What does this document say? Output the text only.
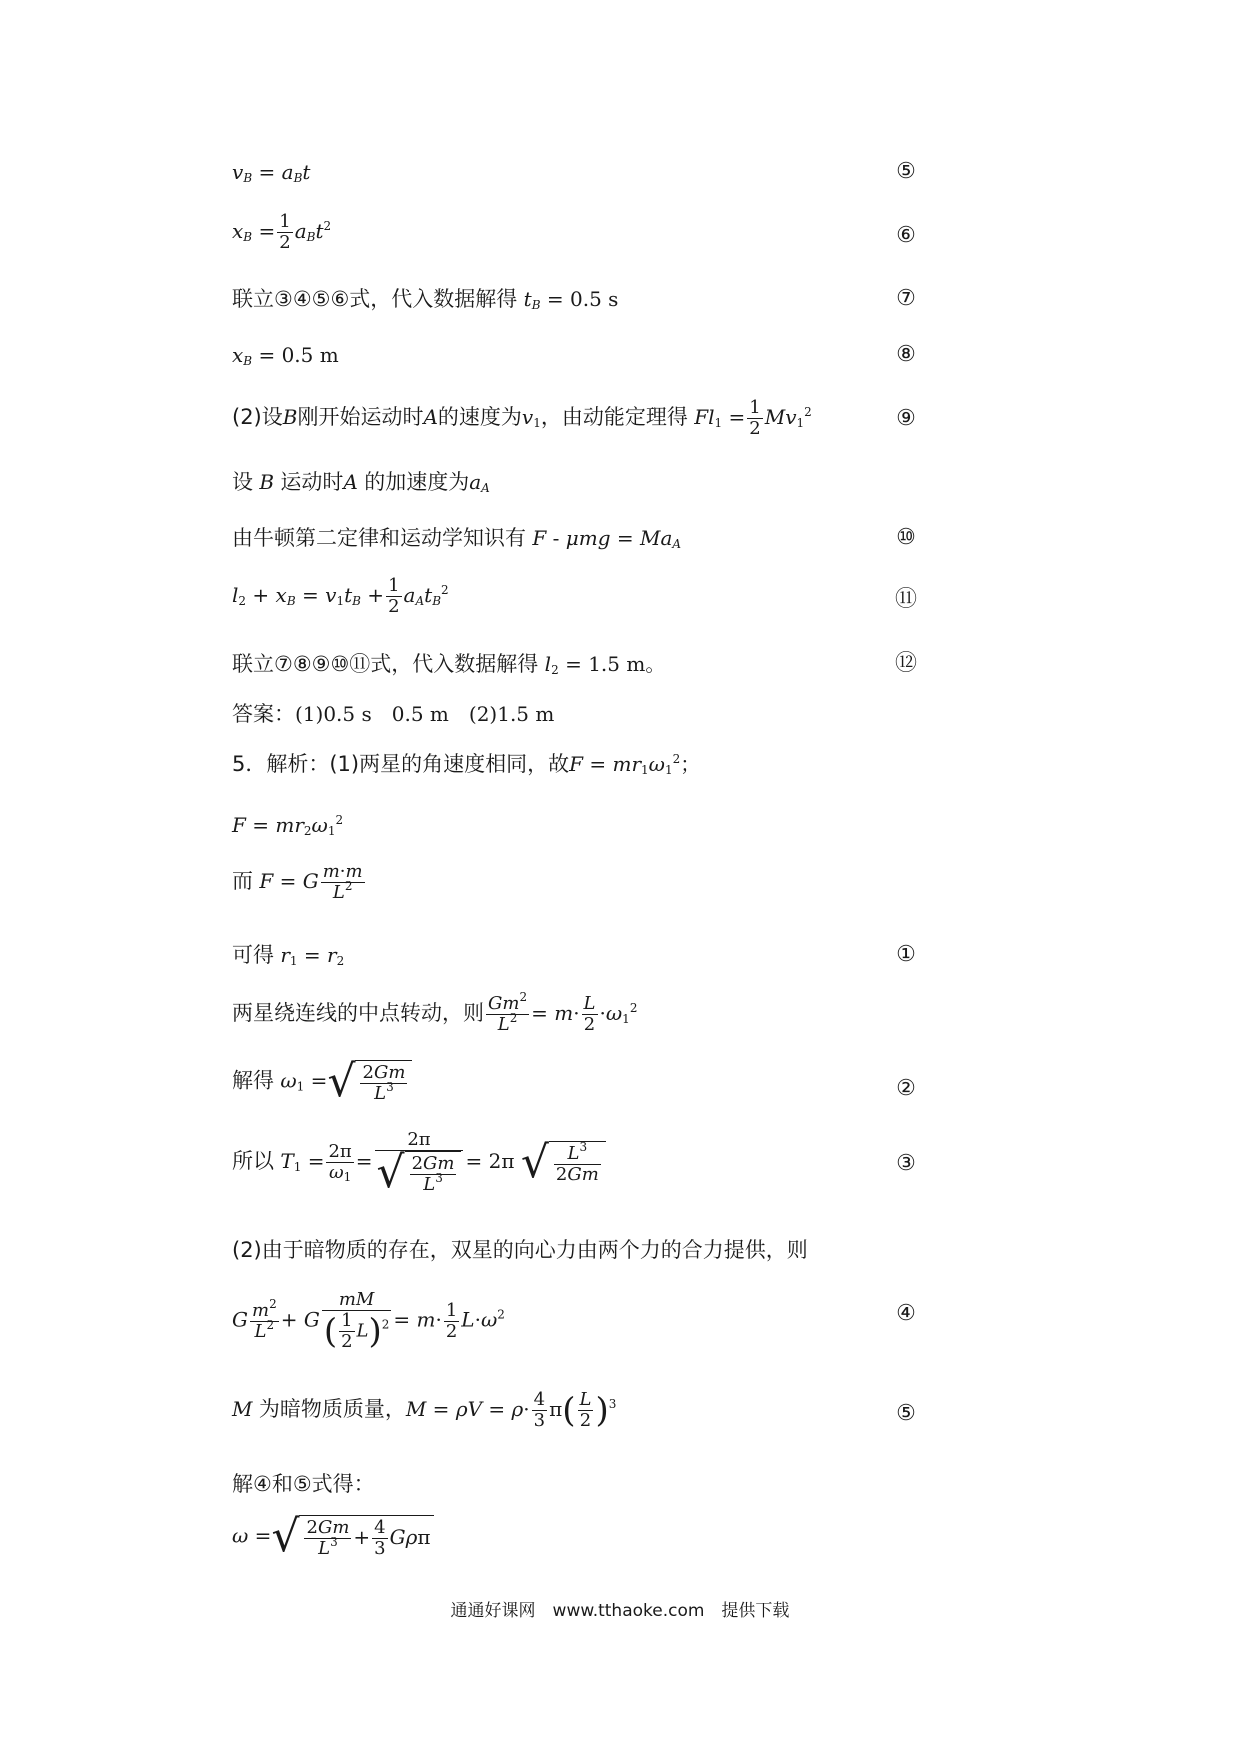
$v_B = a_Bt$	⑤
$x_B = \frac{1}{2} a_Bt^2$	⑥
联立③④⑤⑥式，代入数据解得 $t_B = 0.5$ s	⑦
$x_B = 0.5$ m	⑧
(2)设B刚开始运动时A的速度为$v_1$，由动能定理得 $Fl_1 = \frac{1}{2} Mv_1^2$	⑨
设 B 运动时A 的加速度为$a_A$
由牛顿第二定律和运动学知识有 $F - \mu mg = Ma_A$	⑩
$l_2 + x_B = v_1t_B + \frac{1}{2} a_At_B^2$	⑪
联立⑦⑧⑨⑩⑪式，代入数据解得 $l_2 = 1.5$ m。	⑫
答案：(1)0.5 s　0.5 m　(2)1.5 m
5．解析：(1)两星的角速度相同，故$F = mr_1\omega_1^2$；
$F = mr_2\omega_1^2$
而 F = G $\frac{m\cdot m}{L^2}$
可得 $r_1 = r_2$	①
两星绕连线的中点转动，则 $\frac{Gm^2}{L^2} = m\cdot \frac{L}{2} \cdot\omega_1^2$
解得 $\omega_1$ =√ $\frac{2Gm}{L^3}$	②
所以 $T_1 = \frac{2\pi}{\omega_1} = \frac{2\pi}{√ \frac{2Gm}{L^3}} = 2\pi$ √ $\frac{L^3}{2Gm}$	③
(2)由于暗物质的存在，双星的向心力由两个力的合力提供，则
G $\frac{m^2}{L^2} + G \frac{mM}{( \frac{1}{2} L)^2} = m\cdot \frac{1}{2} L\cdot\omega^2$	④
M 为暗物质质量，$M = \rho V = \rho\cdot \frac{4}{3} \pi( \frac{L}{2} )^3$	⑤
解④和⑤式得：
ω =√ $\frac{2Gm}{L^3} + \frac{4}{3}$ Gρπ
通通好课网　www.tthaoke.com　提供下载
